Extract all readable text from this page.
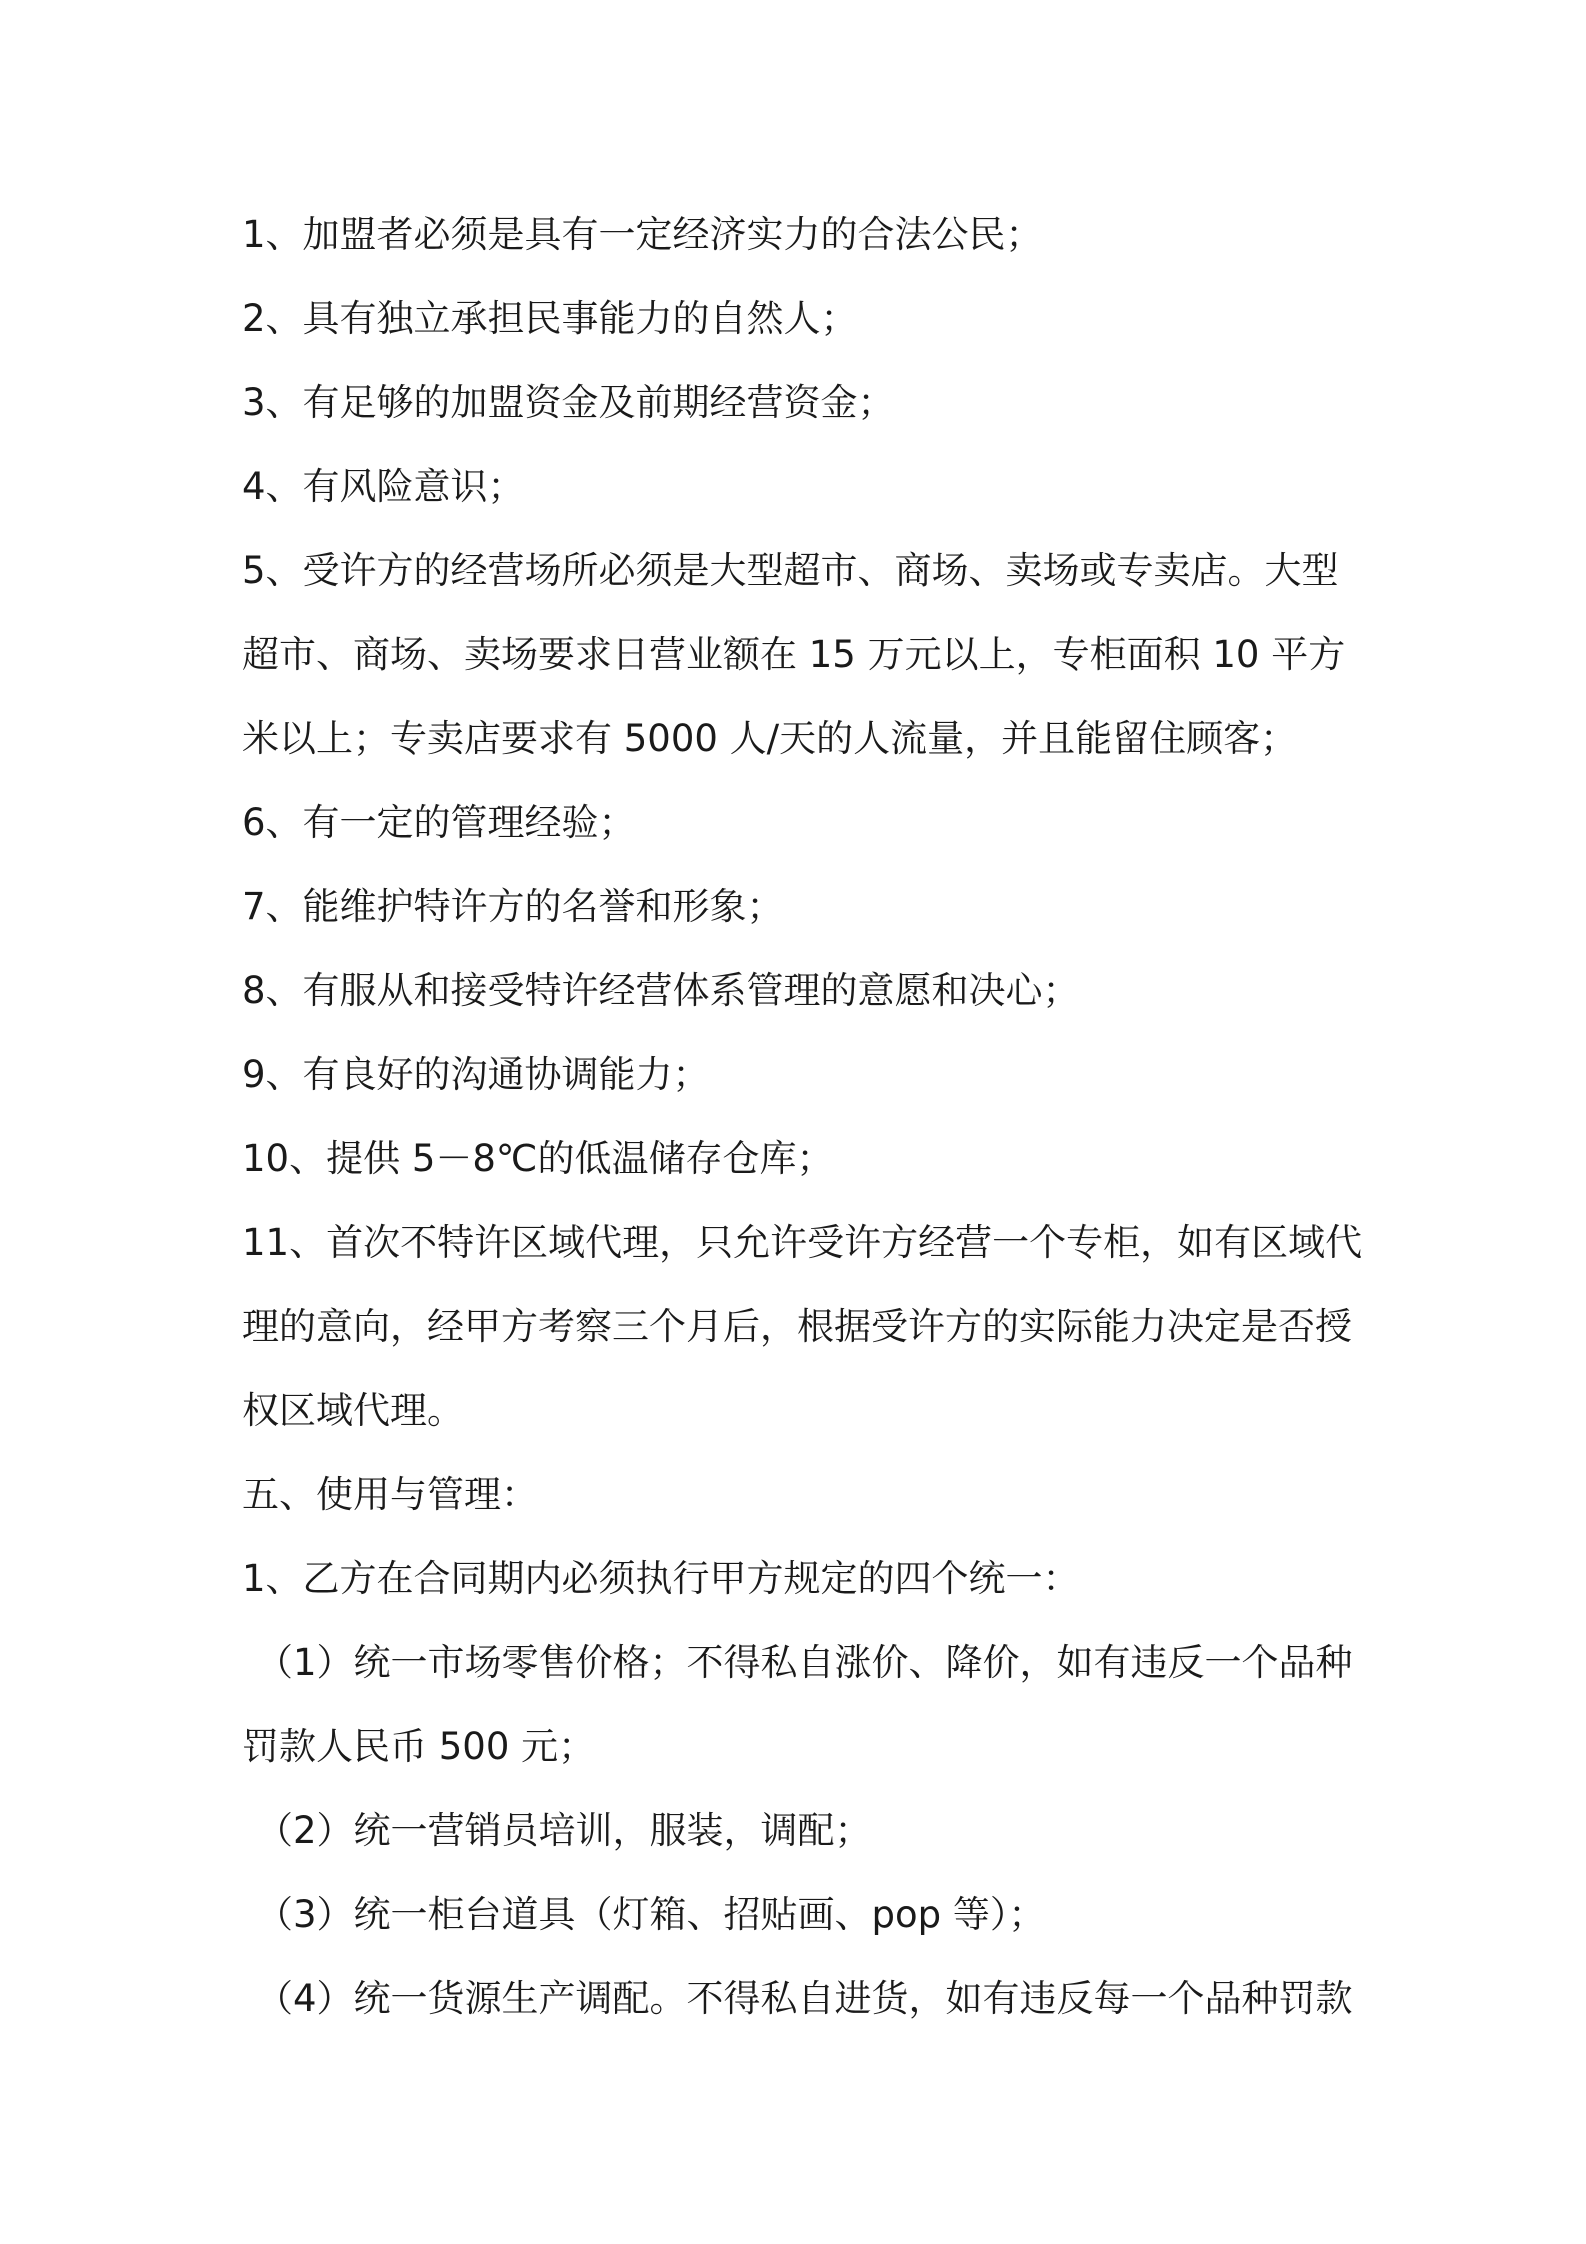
1、加盟者必须是具有一定经济实力的合法公民；

2、具有独立承担民事能力的自然人；

3、有足够的加盟资金及前期经营资金；

4、有风险意识；

5、受许方的经营场所必须是大型超市、商场、卖场或专卖店。大型

超市、商场、卖场要求日营业额在 15 万元以上，专柜面积 10 平方

米以上；专卖店要求有 5000 人/天的人流量，并且能留住顾客；

6、有一定的管理经验；

7、能维护特许方的名誉和形象；

8、有服从和接受特许经营体系管理的意愿和决心；

9、有良好的沟通协调能力；

10、提供 5－8℃的低温储存仓库；

11、首次不特许区域代理，只允许受许方经营一个专柜，如有区域代

理的意向，经甲方考察三个月后，根据受许方的实际能力决定是否授

权区域代理。

五、使用与管理：

1、乙方在合同期内必须执行甲方规定的四个统一：

（1）统一市场零售价格；不得私自涨价、降价，如有违反一个品种

罚款人民币 500 元；

（2）统一营销员培训，服装，调配；

（3）统一柜台道具（灯箱、招贴画、pop 等）；

（4）统一货源生产调配。不得私自进货，如有违反每一个品种罚款
